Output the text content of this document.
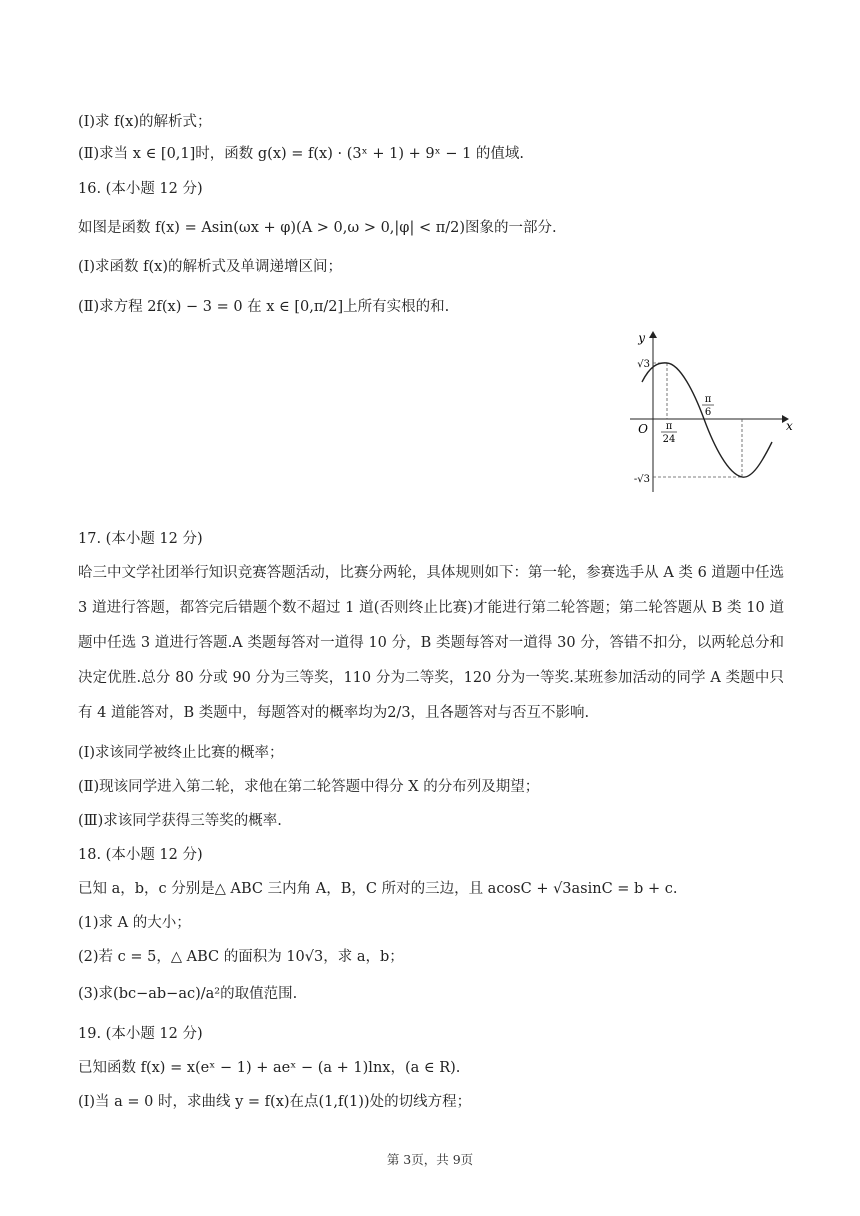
(Ⅰ)求 f(x)的解析式；
(Ⅱ)求当 x ∈ [0,1]时，函数 g(x) = f(x) · (3ˣ + 1) + 9ˣ − 1 的值域.
16. (本小题 12 分)
如图是函数 f(x) = Asin(ωx + φ)(A > 0,ω > 0,|φ| < π/2)图象的一部分.
(Ⅰ)求函数 f(x)的解析式及单调递增区间；
(Ⅱ)求方程 2f(x) − 3 = 0 在 x ∈ [0,π/2]上所有实根的和.
y
x
O
√3
-√3
π
24
π
6
17. (本小题 12 分)
哈三中文学社团举行知识竞赛答题活动，比赛分两轮，具体规则如下：第一轮，参赛选手从 A 类 6 道题中任选 3 道进行答题，都答完后错题个数不超过 1 道(否则终止比赛)才能进行第二轮答题；第二轮答题从 B 类 10 道题中任选 3 道进行答题.A 类题每答对一道得 10 分，B 类题每答对一道得 30 分，答错不扣分，以两轮总分和决定优胜.总分 80 分或 90 分为三等奖，110 分为二等奖，120 分为一等奖.某班参加活动的同学 A 类题中只有 4 道能答对，B 类题中，每题答对的概率均为2/3，且各题答对与否互不影响.
(Ⅰ)求该同学被终止比赛的概率；
(Ⅱ)现该同学进入第二轮，求他在第二轮答题中得分 X 的分布列及期望；
(Ⅲ)求该同学获得三等奖的概率.
18. (本小题 12 分)
已知 a，b，c 分别是△ ABC 三内角 A，B，C 所对的三边，且 acosC + √3asinC = b + c.
(1)求 A 的大小；
(2)若 c = 5，△ ABC 的面积为 10√3，求 a，b；
(3)求(bc−ab−ac)/a²的取值范围.
19. (本小题 12 分)
已知函数 f(x) = x(eˣ − 1) + aeˣ − (a + 1)lnx，(a ∈ R).
(Ⅰ)当 a = 0 时，求曲线 y = f(x)在点(1,f(1))处的切线方程；
第 3页，共 9页
